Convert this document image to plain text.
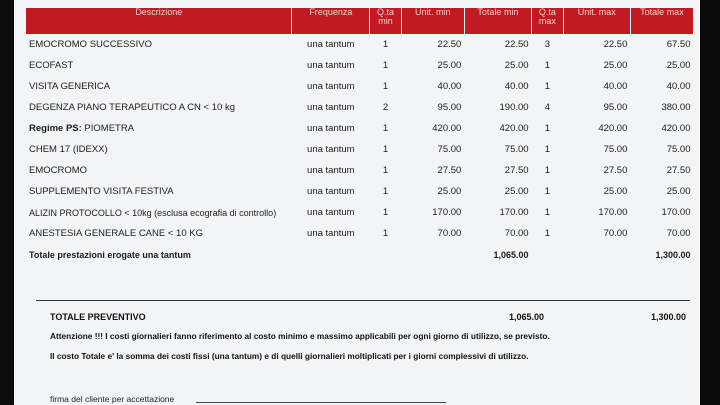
Descrizione	Frequenza	Q.ta min	Unit. min	Totale min	Q.ta max	Unit. max	Totale max
EMOCROMO SUCCESSIVO	una tantum	1	22.50	22.50	3	22.50	67.50
ECOFAST	una tantum	1	25.00	25.00	1	25.00	25.00
VISITA GENERICA	una tantum	1	40.00	40.00	1	40.00	40.00
DEGENZA PIANO TERAPEUTICO A CN < 10 kg	una tantum	2	95.00	190.00	4	95.00	380.00
Regime PS: PIOMETRA	una tantum	1	420.00	420.00	1	420.00	420.00
CHEM 17 (IDEXX)	una tantum	1	75.00	75.00	1	75.00	75.00
EMOCROMO	una tantum	1	27.50	27.50	1	27.50	27.50
SUPPLEMENTO VISITA FESTIVA	una tantum	1	25.00	25.00	1	25.00	25.00
ALIZIN PROTOCOLLO < 10kg (esclusa ecografia di controllo)	una tantum	1	170.00	170.00	1	170.00	170.00
ANESTESIA GENERALE CANE < 10 KG	una tantum	1	70.00	70.00	1	70.00	70.00
Totale prestazioni erogate una tantum				1,065.00			1,300.00
TOTALE PREVENTIVO	1,065.00	1,300.00
Attenzione !!! I costi giornalieri fanno riferimento al costo minimo e massimo applicabili per ogni giorno di utilizzo, se previsto.
Il costo Totale e' la somma dei costi fissi (una tantum) e di quelli giornalieri moltiplicati per i giorni complessivi di utilizzo.
firma del cliente per accettazione
